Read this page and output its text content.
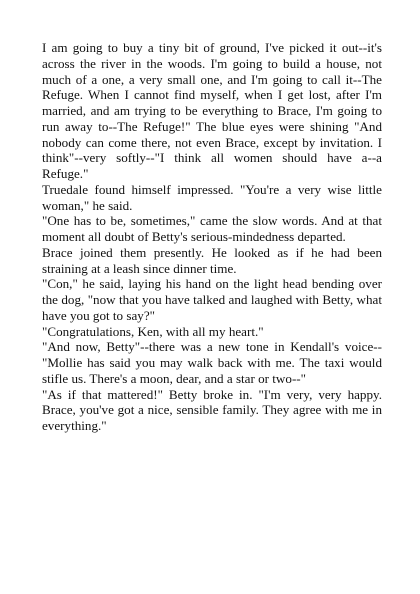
I am going to buy a tiny bit of ground, I've picked it out--it's across the river in the woods. I'm going to build a house, not much of a one, a very small one, and I'm going to call it--The Refuge. When I cannot find myself, when I get lost, after I'm married, and am trying to be everything to Brace, I'm going to run away to--The Refuge!" The blue eyes were shining "And nobody can come there, not even Brace, except by invitation. I think"--very softly--"I think all women should have a--a Refuge."

Truedale found himself impressed. "You're a very wise little woman," he said.

"One has to be, sometimes," came the slow words. And at that moment all doubt of Betty's serious-mindedness departed.

Brace joined them presently. He looked as if he had been straining at a leash since dinner time.

"Con," he said, laying his hand on the light head bending over the dog, "now that you have talked and laughed with Betty, what have you got to say?"

"Congratulations, Ken, with all my heart."

"And now, Betty"--there was a new tone in Kendall's voice--"Mollie has said you may walk back with me. The taxi would stifle us. There's a moon, dear, and a star or two--"

"As if that mattered!" Betty broke in. "I'm very, very happy. Brace, you've got a nice, sensible family. They agree with me in everything."
